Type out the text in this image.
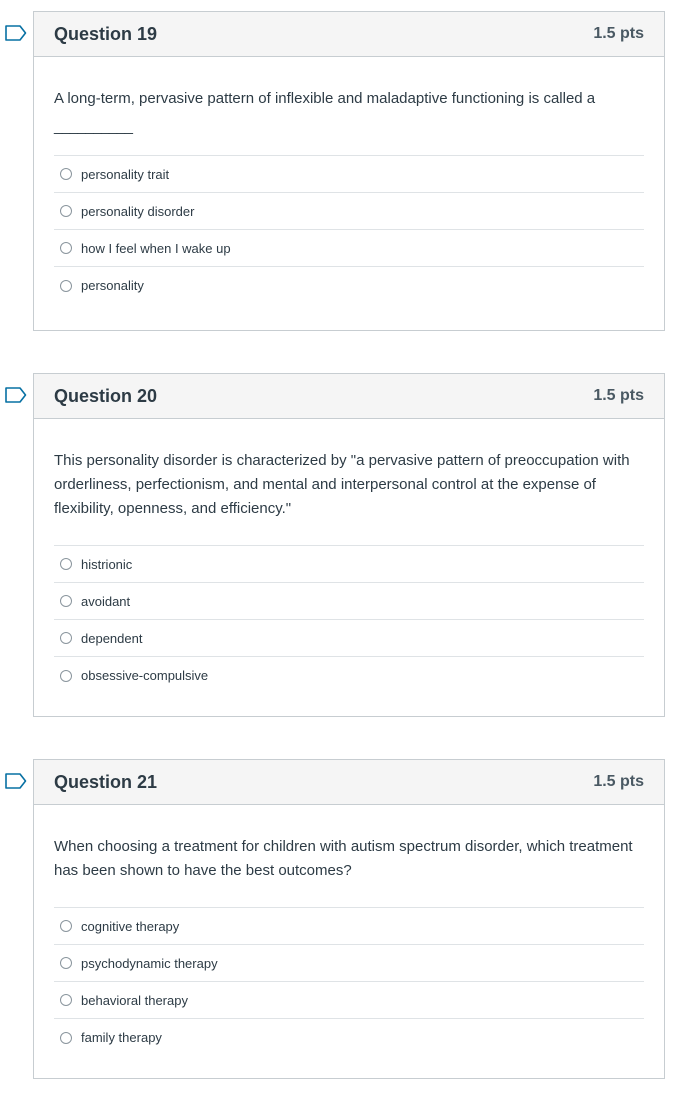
Question 19	1.5 pts

A long-term, pervasive pattern of inflexible and maladaptive functioning is called a

__________

personality trait
personality disorder
how I feel when I wake up
personality
Question 20	1.5 pts

This personality disorder is characterized by "a pervasive pattern of preoccupation with orderliness, perfectionism, and mental and interpersonal control at the expense of flexibility, openness, and efficiency."

histrionic
avoidant
dependent
obsessive-compulsive
Question 21	1.5 pts

When choosing a treatment for children with autism spectrum disorder, which treatment has been shown to have the best outcomes?

cognitive therapy
psychodynamic therapy
behavioral therapy
family therapy
